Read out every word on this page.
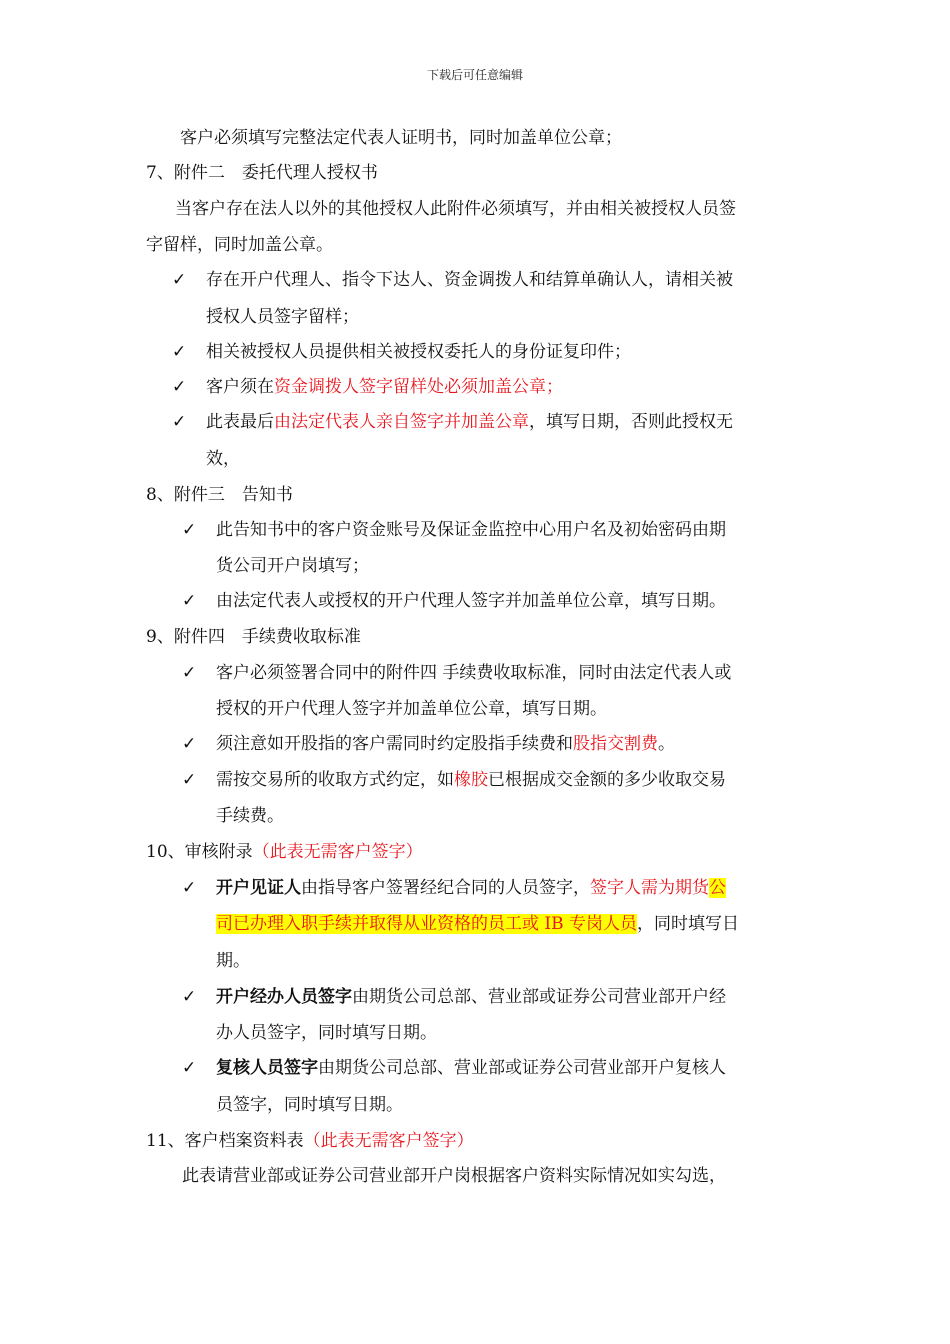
下载后可任意编辑
客户必须填写完整法定代表人证明书，同时加盖单位公章；
7、附件二　委托代理人授权书
当客户存在法人以外的其他授权人此附件必须填写，并由相关被授权人员签
字留样，同时加盖公章。
✓ 存在开户代理人、指令下达人、资金调拨人和结算单确认人，请相关被
授权人员签字留样；
✓ 相关被授权人员提供相关被授权委托人的身份证复印件；
✓ 客户须在资金调拨人签字留样处必须加盖公章；
✓ 此表最后由法定代表人亲自签字并加盖公章，填写日期，否则此授权无
效，
8、附件三　告知书
✓ 此告知书中的客户资金账号及保证金监控中心用户名及初始密码由期
货公司开户岗填写；
✓ 由法定代表人或授权的开户代理人签字并加盖单位公章，填写日期。
9、附件四　手续费收取标准
✓ 客户必须签署合同中的附件四 手续费收取标准，同时由法定代表人或
授权的开户代理人签字并加盖单位公章，填写日期。
✓ 须注意如开股指的客户需同时约定股指手续费和股指交割费。
✓ 需按交易所的收取方式约定，如橡胶已根据成交金额的多少收取交易
手续费。
10、审核附录（此表无需客户签字）
✓ 开户见证人由指导客户签署经纪合同的人员签字，签字人需为期货公
司已办理入职手续并取得从业资格的员工或 IB 专岗人员，同时填写日
期。
✓ 开户经办人员签字由期货公司总部、营业部或证券公司营业部开户经
办人员签字，同时填写日期。
✓ 复核人员签字由期货公司总部、营业部或证券公司营业部开户复核人
员签字，同时填写日期。
11、客户档案资料表（此表无需客户签字）
此表请营业部或证券公司营业部开户岗根据客户资料实际情况如实勾选，
